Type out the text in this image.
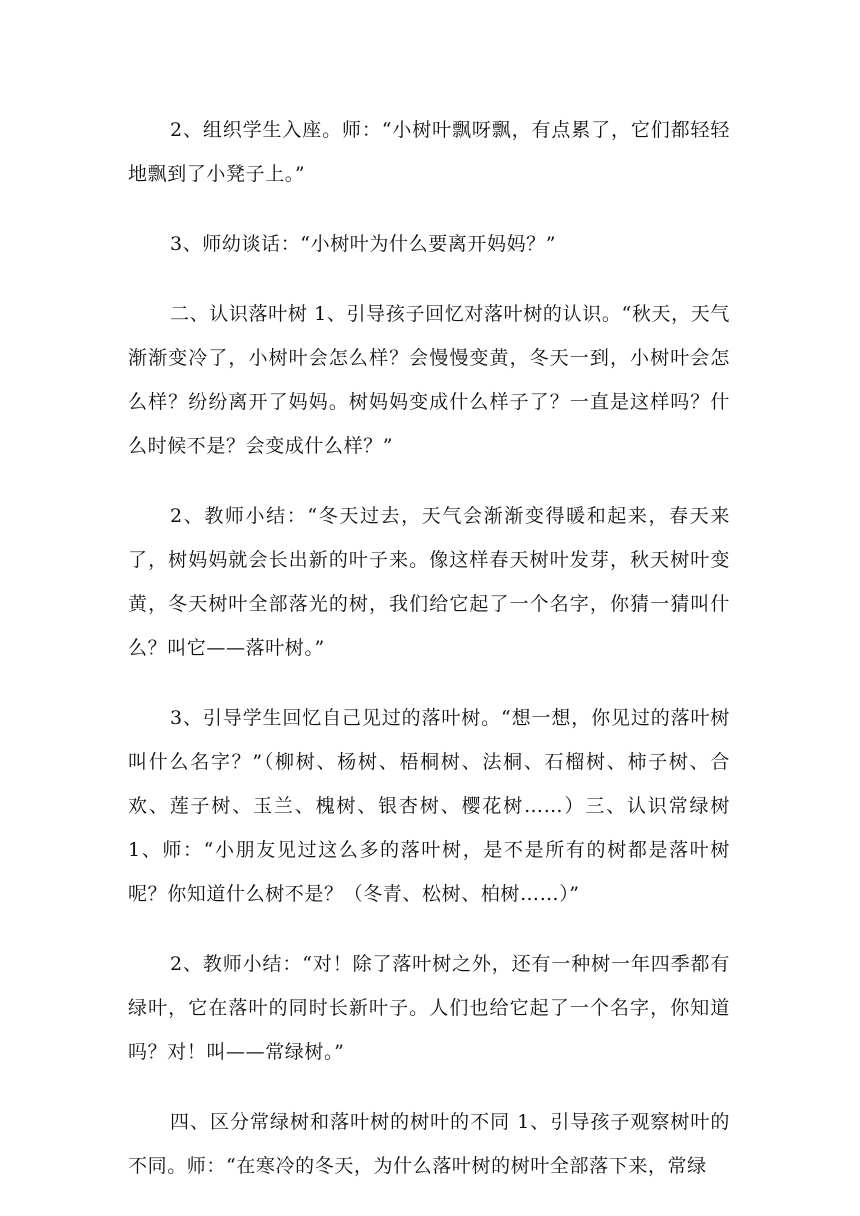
2、组织学生入座。师：“小树叶飘呀飘，有点累了，它们都轻轻地飘到了小凳子上。”

3、师幼谈话：“小树叶为什么要离开妈妈？”

二、认识落叶树 1、引导孩子回忆对落叶树的认识。“秋天，天气渐渐变冷了，小树叶会怎么样？会慢慢变黄，冬天一到，小树叶会怎么样？纷纷离开了妈妈。树妈妈变成什么样子了？一直是这样吗？什么时候不是？会变成什么样？”

2、教师小结：“冬天过去，天气会渐渐变得暖和起来，春天来了，树妈妈就会长出新的叶子来。像这样春天树叶发芽，秋天树叶变黄，冬天树叶全部落光的树，我们给它起了一个名字，你猜一猜叫什么？叫它——落叶树。”

3、引导学生回忆自己见过的落叶树。“想一想，你见过的落叶树叫什么名字？”（柳树、杨树、梧桐树、法桐、石榴树、柿子树、合欢、莲子树、玉兰、槐树、银杏树、樱花树……）三、认识常绿树 1、师：“小朋友见过这么多的落叶树，是不是所有的树都是落叶树呢？你知道什么树不是？（冬青、松树、柏树……）”

2、教师小结：“对！除了落叶树之外，还有一种树一年四季都有绿叶，它在落叶的同时长新叶子。人们也给它起了一个名字，你知道吗？对！叫——常绿树。”

四、区分常绿树和落叶树的树叶的不同 1、引导孩子观察树叶的不同。师：“在寒冷的冬天，为什么落叶树的树叶全部落下来，常绿
